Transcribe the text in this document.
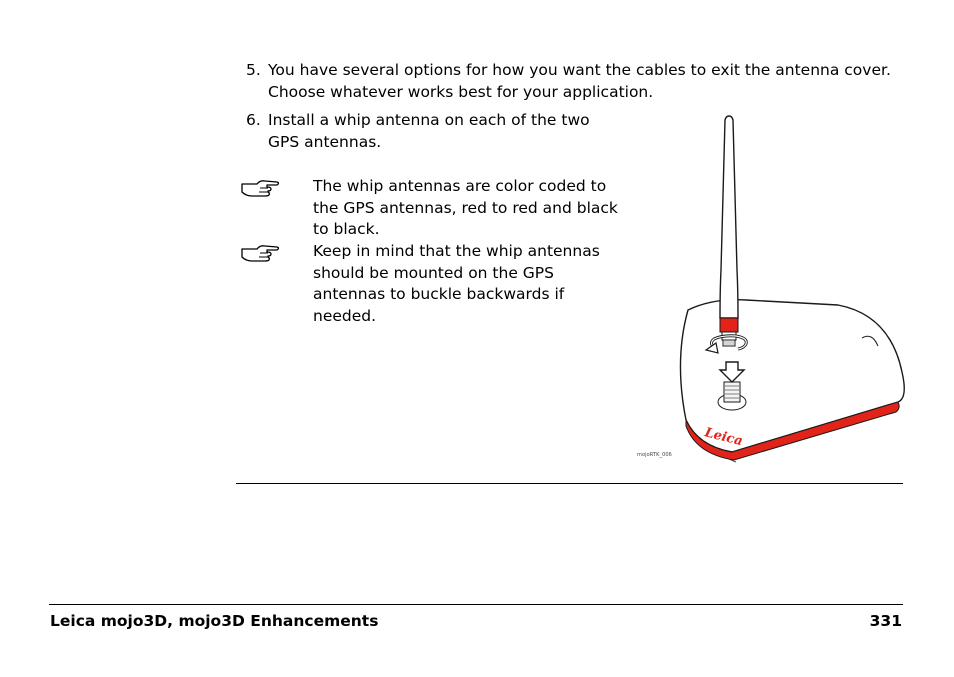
5. You have several options for how you want the cables to exit the antenna cover. Choose whatever works best for your application.
6. Install a whip antenna on each of the two GPS antennas.
The whip antennas are color coded to the GPS antennas, red to red and black to black.
Keep in mind that the whip antennas should be mounted on the GPS antennas to buckle backwards if needed.
Leica
mojoRTK_006
Leica mojo3D, mojo3D Enhancements	331
